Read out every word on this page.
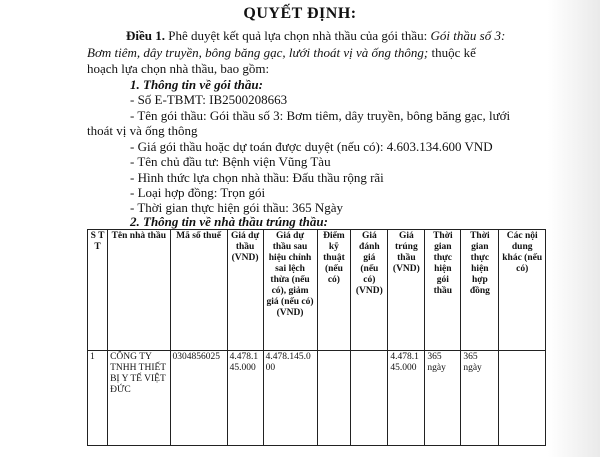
QUYẾT ĐỊNH:
Điều 1. Phê duyệt kết quả lựa chọn nhà thầu của gói thầu: Gói thầu số 3:
Bơm tiêm, dây truyền, bông băng gạc, lưới thoát vị và ống thông; thuộc kế
hoạch lựa chọn nhà thầu, bao gồm:
1. Thông tin về gói thầu:
- Số E-TBMT: IB2500208663
- Tên gói thầu: Gói thầu số 3: Bơm tiêm, dây truyền, bông băng gạc, lưới
thoát vị và ống thông
- Giá gói thầu hoặc dự toán được duyệt (nếu có): 4.603.134.600 VND
- Tên chủ đầu tư: Bệnh viện Vũng Tàu
- Hình thức lựa chọn nhà thầu: Đấu thầu rộng rãi
- Loại hợp đồng: Trọn gói
- Thời gian thực hiện gói thầu: 365 Ngày
2. Thông tin về nhà thầu trúng thầu:
S T T	Tên nhà thầu	Mã số thuế	Giá dự thầu (VND)	Giá dự thầu sau hiệu chỉnh sai lệch thừa (nếu có), giảm giá (nếu có) (VND)	Điểm kỹ thuật (nếu có)	Giá đánh giá (nếu có) (VND)	Giá trúng thầu (VND)	Thời gian thực hiện gói thầu	Thời gian thực hiện hợp đồng	Các nội dung khác (nếu có)
1	CÔNG TY TNHH THIẾT BỊ Y TẾ VIỆT ĐỨC	0304856025	4.478.145.000	4.478.145.000			4.478.145.000	365 ngày	365 ngày	
